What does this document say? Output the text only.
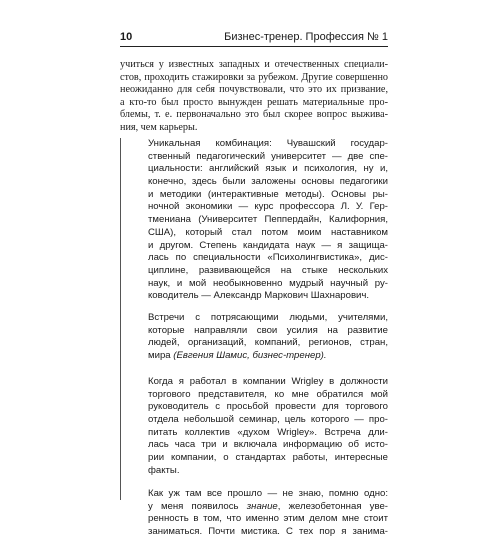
10	Бизнес-тренер. Профессия № 1
учиться у известных западных и отечественных специали-
стов, проходить стажировки за рубежом. Другие совершенно
неожиданно для себя почувствовали, что это их призвание,
а кто-то был просто вынужден решать материальные про-
блемы, т. е. первоначально это был скорее вопрос выжива-
ния, чем карьеры.
Уникальная комбинация: Чувашский государ-
ственный педагогический университет — две спе-
циальности: английский язык и психология, ну и,
конечно, здесь были заложены основы педагогики
и методики (интерактивные методы). Основы ры-
ночной экономики — курс профессора Л. У. Гер-
тмениана (Университет Пеппердайн, Калифорния,
США), который стал потом моим наставником
и другом. Степень кандидата наук — я защища-
лась по специальности «Психолингвистика», дис-
циплине, развивающейся на стыке нескольких
наук, и мой необыкновенно мудрый научный ру-
ководитель — Александр Маркович Шахнарович.
Встречи с потрясающими людьми, учителями,
которые направляли свои усилия на развитие
людей, организаций, компаний, регионов, стран,
мира (Евгения Шамис, бизнес-тренер).
Когда я работал в компании Wrigley в должности
торгового представителя, ко мне обратился мой
руководитель с просьбой провести для торгового
отдела небольшой семинар, цель которого — про-
питать коллектив «духом Wrigley». Встреча дли-
лась часа три и включала информацию об исто-
рии компании, о стандартах работы, интересные
факты.
Как уж там все прошло — не знаю, помню одно:
у меня появилось знание, железобетонная уве-
ренность в том, что именно этим делом мне стоит
заниматься. Почти мистика. С тех пор я занима-
